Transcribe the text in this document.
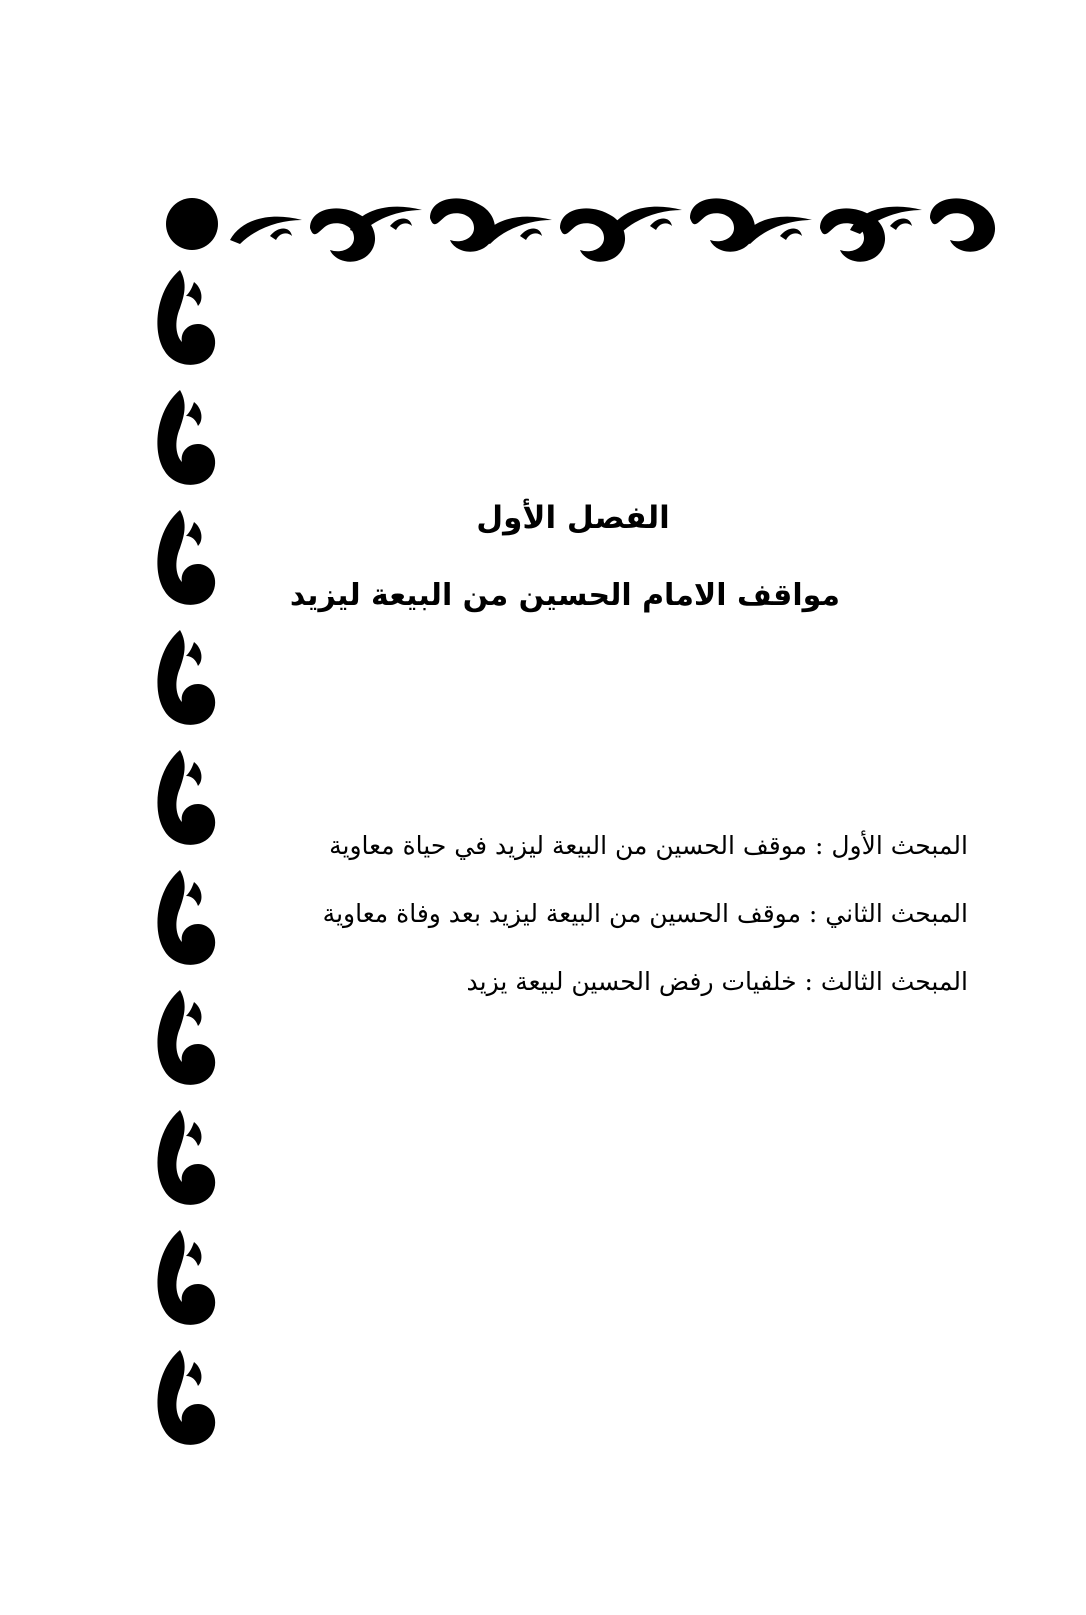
الفصل الأول
مواقف الامام الحسين من البيعة ليزيد
المبحث الأول : موقف الحسين من البيعة ليزيد في حياة معاوية
المبحث الثاني : موقف الحسين من البيعة ليزيد بعد وفاة معاوية
المبحث الثالث : خلفيات رفض الحسين لبيعة يزيد
